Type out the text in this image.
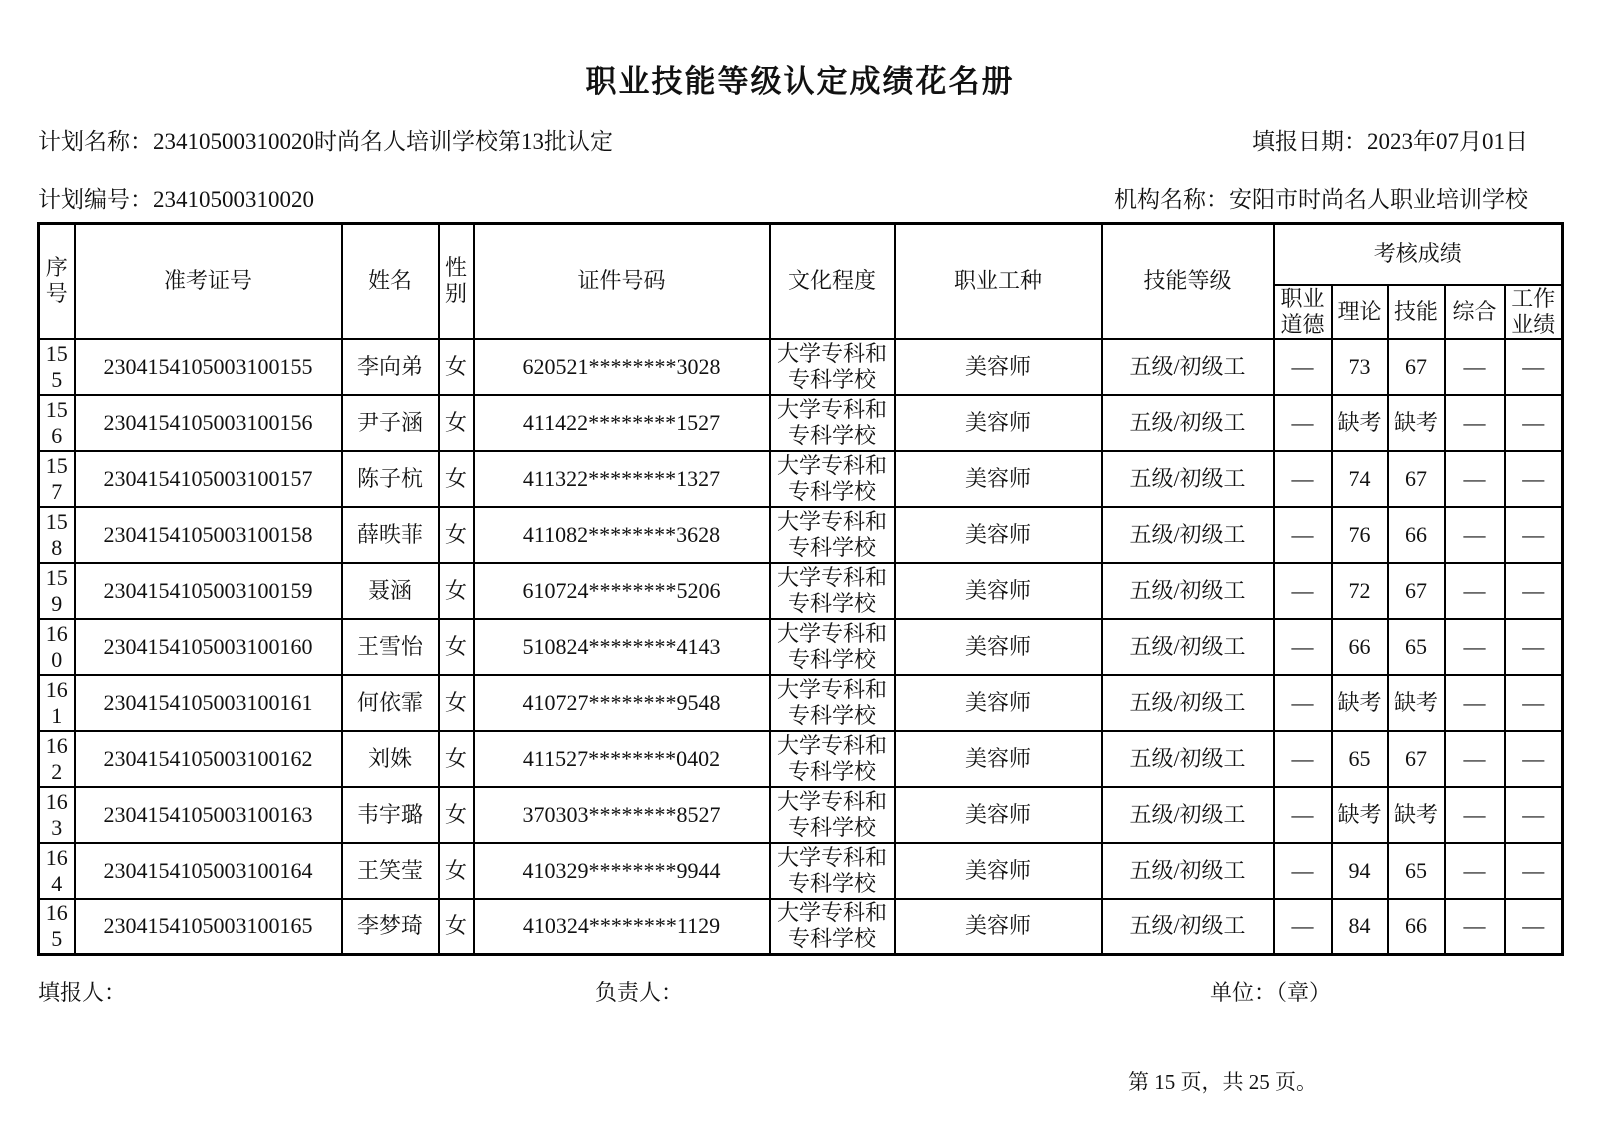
职业技能等级认定成绩花名册
计划名称：23410500310020时尚名人培训学校第13批认定	填报日期：2023年07月01日
计划编号：23410500310020	机构名称：安阳市时尚名人职业培训学校
序号	准考证号	姓名	性别	证件号码	文化程度	职业工种	技能等级	考核成绩				
								职业道德	理论	技能	综合	工作业绩
155	2304154105003100155	李向弟	女	620521********3028	大学专科和专科学校	美容师	五级/初级工	—	73	67	—	—
156	2304154105003100156	尹子涵	女	411422********1527	大学专科和专科学校	美容师	五级/初级工	—	缺考	缺考	—	—
157	2304154105003100157	陈子杭	女	411322********1327	大学专科和专科学校	美容师	五级/初级工	—	74	67	—	—
158	2304154105003100158	薛昳菲	女	411082********3628	大学专科和专科学校	美容师	五级/初级工	—	76	66	—	—
159	2304154105003100159	聂涵	女	610724********5206	大学专科和专科学校	美容师	五级/初级工	—	72	67	—	—
160	2304154105003100160	王雪怡	女	510824********4143	大学专科和专科学校	美容师	五级/初级工	—	66	65	—	—
161	2304154105003100161	何依霏	女	410727********9548	大学专科和专科学校	美容师	五级/初级工	—	缺考	缺考	—	—
162	2304154105003100162	刘姝	女	411527********0402	大学专科和专科学校	美容师	五级/初级工	—	65	67	—	—
163	2304154105003100163	韦宇璐	女	370303********8527	大学专科和专科学校	美容师	五级/初级工	—	缺考	缺考	—	—
164	2304154105003100164	王笑莹	女	410329********9944	大学专科和专科学校	美容师	五级/初级工	—	94	65	—	—
165	2304154105003100165	李梦琦	女	410324********1129	大学专科和专科学校	美容师	五级/初级工	—	84	66	—	—
填报人：	负责人：	单位：（章）
第 15 页，共 25 页。
